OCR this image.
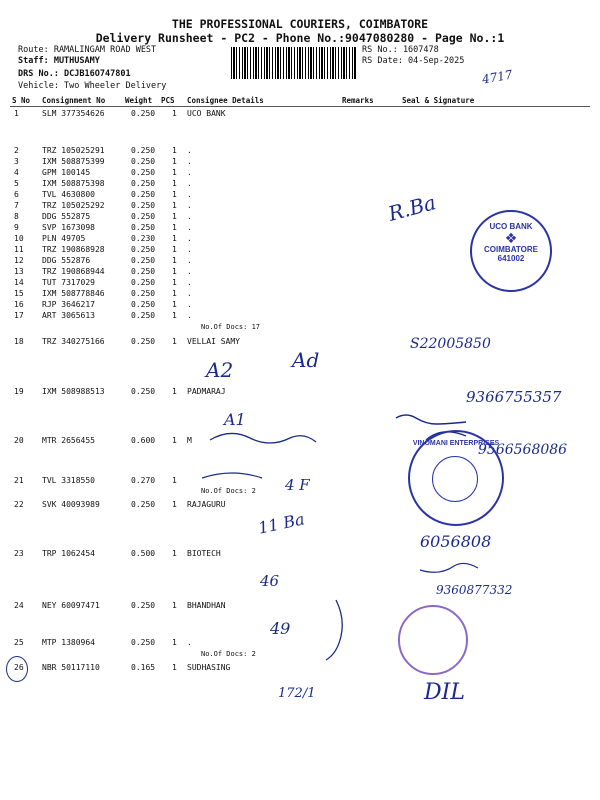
THE PROFESSIONAL COURIERS, COIMBATORE
Delivery Runsheet - PC2 - Phone No.:9047080280 - Page No.:1
Route: RAMALINGAM ROAD WEST
Staff: MUTHUSAMY
DRS No.: DCJB16O747801
Vehicle: Two Wheeler Delivery
RS No.: 1607478
RS Date: 04-Sep-2025
S No Consignment No	Weight PCS Consignee Details	Remarks	Seal & Signature
1	SLM 377354626	0.250 1 UCO BANK
2	TRZ 105025291	0.250 1 .
3	IXM 508875399	0.250 1 .
4	GPM 100145	0.250 1 .
5	IXM 508875398	0.250 1 .
6	TVL 4630800	0.250 1 .
7	TRZ 105025292	0.250 1 .
8	DDG 552875	0.250 1 .
9	SVP 1673098	0.250 1 .
10 PLN 49705	0.230 1 .
11 TRZ 190868928	0.250 1 .
12 DDG 552876	0.250 1 .
13 TRZ 190868944	0.250 1 .
14 TUT 7317029	0.250 1 .
15 IXM 508778846	0.250 1 .
16 RJP 3646217	0.250 1 .
17 ART 3065613	0.250 1 .
No.Of Docs: 17
18 TRZ 340275166	0.250 1 VELLAI SAMY
19 IXM 508988513	0.250 1 PADMARAJ
20 MTR 2656455	0.600 1 M
21 TVL 3318550	0.270 1
No.Of Docs: 2
22 SVK 40093989	0.250 1 RAJAGURU
23 TRP 1062454	0.500 1 BIOTECH
24 NEY 60097471	0.250 1 BHANDHAN
25 MTP 1380964	0.250 1 .
No.Of Docs: 2
26 NBR 50117110	0.165 1 SUDHASING
4717
R.Ba
A2	Ad
S22005850
A1
9366755357
9566568086
4 F
11 Ba
6056808
46	9360877332
49
172/1	DIL
UCO BANK
❖
COIMBATORE
641002
VINOMANI ENTERPRISES
